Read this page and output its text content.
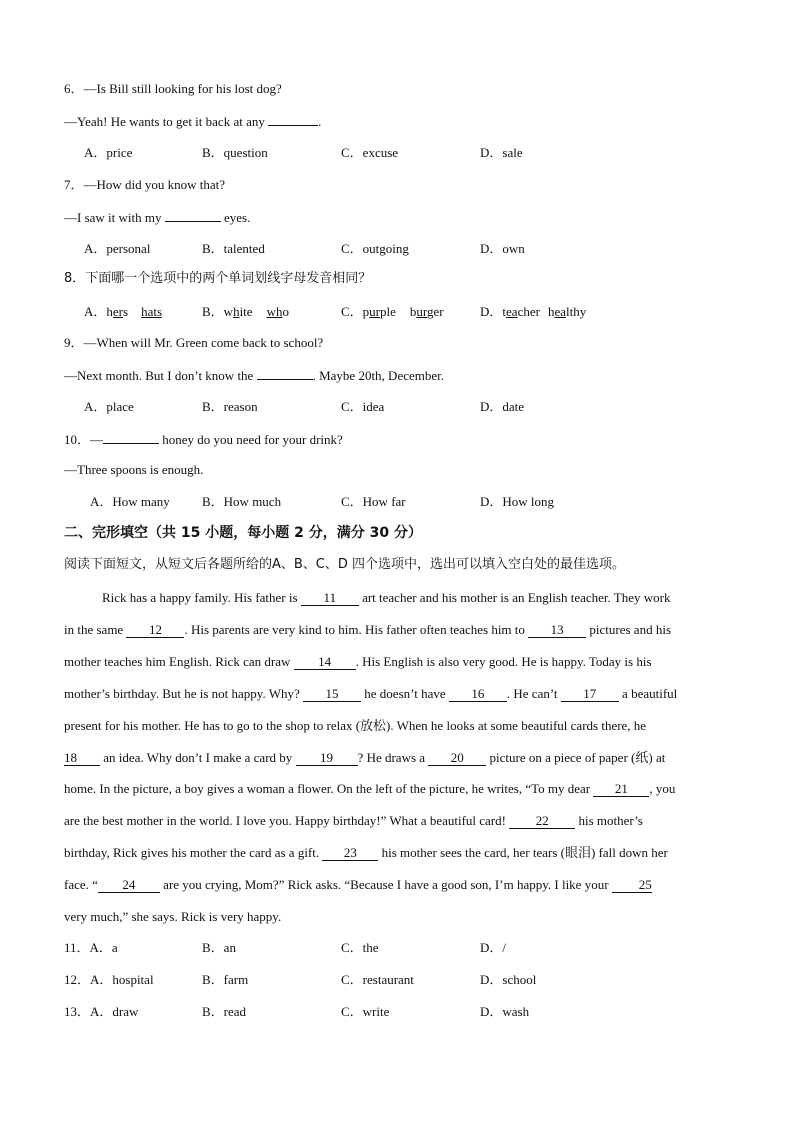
6．—Is Bill still looking for his lost dog?
—Yeah! He wants to get it back at any	.
A．price	B．question	C．excuse	D．sale
7．—How did you know that?
—I saw it with my	eyes.
A．personal	B．talented	C．outgoing	D．own
8．下面哪一个选项中的两个单词划线字母发音相同？
A．hers hats	B．white who	C．purple burger	D．teacher healthy
9．—When will Mr. Green come back to school?
—Next month. But I don’t know the	. Maybe 20th, December.
A．place	B．reason	C．idea	D．date
10．—	honey do you need for your drink?
—Three spoons is enough.
A．How many B．How much	C．How far	D．How long
二、完形填空（共 15 小题，每小题 2 分，满分 30 分）
阅读下面短文，从短文后各题所给的A、B、C、D 四个选项中，选出可以填入空白处的最佳选项。
Rick has a happy family. His father is 11 art teacher and his mother is an English teacher. They work
in the same 12 . His parents are very kind to him. His father often teaches him to 13 pictures and his
mother teaches him English. Rick can draw 14 . His English is also very good. He is happy. Today is his
mother’s birthday. But he is not happy. Why? 15 he doesn’t have 16 . He can’t 17 a beautiful
present for his mother. He has to go to the shop to relax (放松). When he looks at some beautiful cards there, he
18 an idea. Why don’t I make a card by 19 ? He draws a 20 picture on a piece of paper (纸) at
home. In the picture, a boy gives a woman a flower. On the left of the picture, he writes, “To my dear 21 , you
are the best mother in the world. I love you. Happy birthday!” What a beautiful card! 22 his mother’s
birthday, Rick gives his mother the card as a gift. 23 his mother sees the card, her tears (眼泪) fall down her
face. “ 24 are you crying, Mom?” Rick asks. “Because I have a good son, I’m happy. I like your 25
very much,” she says. Rick is very happy.
11．A．a	B．an	C．the	D．/
12．A．hospital	B．farm	C．restaurant	D．school
13．A．draw	B．read	C．write	D．wash
